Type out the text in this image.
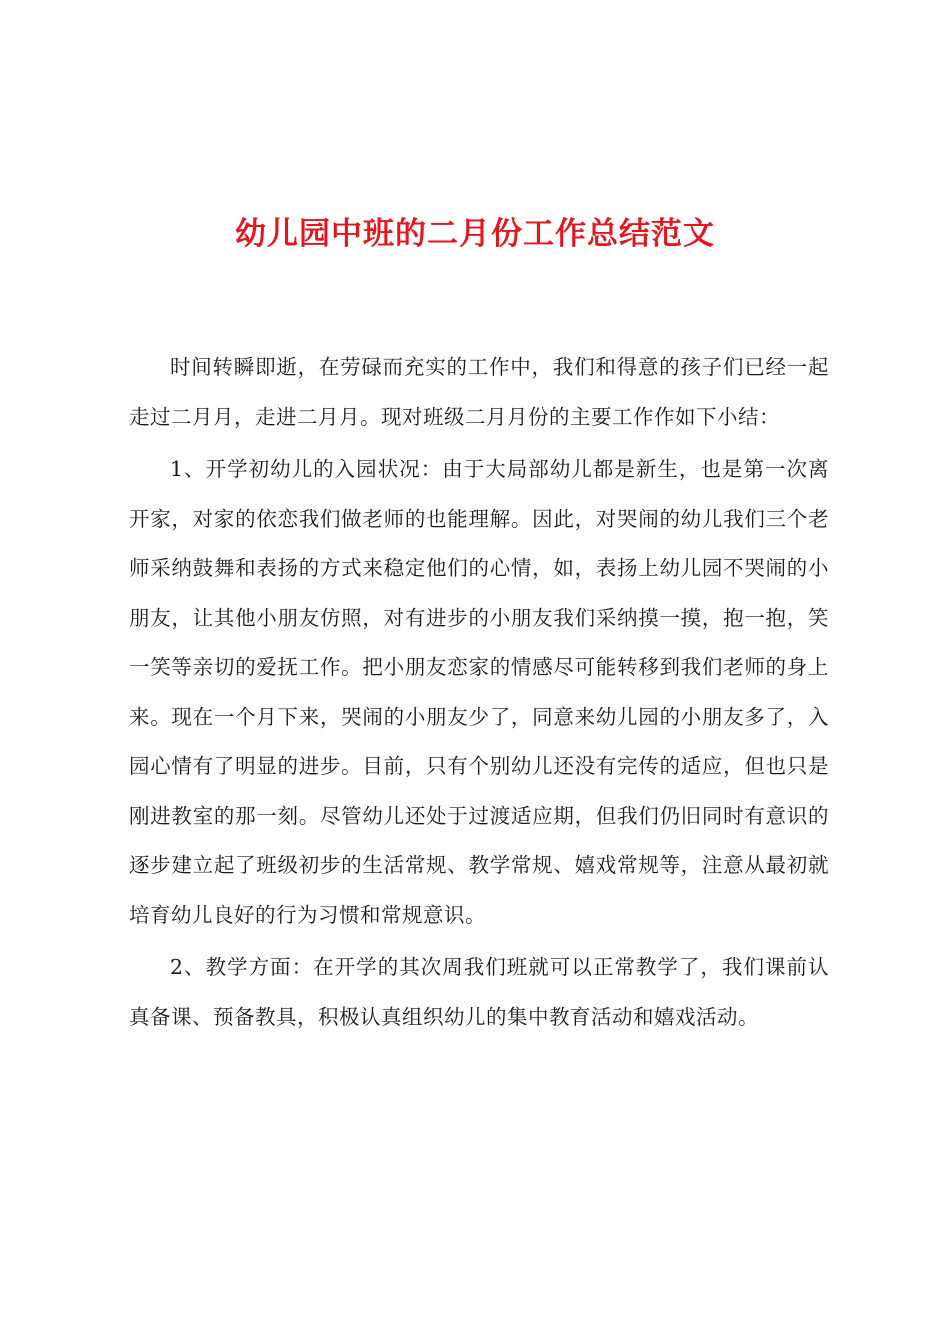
幼儿园中班的二月份工作总结范文

时间转瞬即逝，在劳碌而充实的工作中，我们和得意的孩子们已经一起走过二月月，走进二月月。现对班级二月月份的主要工作作如下小结：

1、开学初幼儿的入园状况：由于大局部幼儿都是新生，也是第一次离开家，对家的依恋我们做老师的也能理解。因此，对哭闹的幼儿我们三个老师采纳鼓舞和表扬的方式来稳定他们的心情，如，表扬上幼儿园不哭闹的小朋友，让其他小朋友仿照，对有进步的小朋友我们采纳摸一摸，抱一抱，笑一笑等亲切的爱抚工作。把小朋友恋家的情感尽可能转移到我们老师的身上来。现在一个月下来，哭闹的小朋友少了，同意来幼儿园的小朋友多了，入园心情有了明显的进步。目前，只有个别幼儿还没有完传的适应，但也只是刚进教室的那一刻。尽管幼儿还处于过渡适应期，但我们仍旧同时有意识的逐步建立起了班级初步的生活常规、教学常规、嬉戏常规等，注意从最初就培育幼儿良好的行为习惯和常规意识。

2、教学方面：在开学的其次周我们班就可以正常教学了，我们课前认真备课、预备教具，积极认真组织幼儿的集中教育活动和嬉戏活动。
